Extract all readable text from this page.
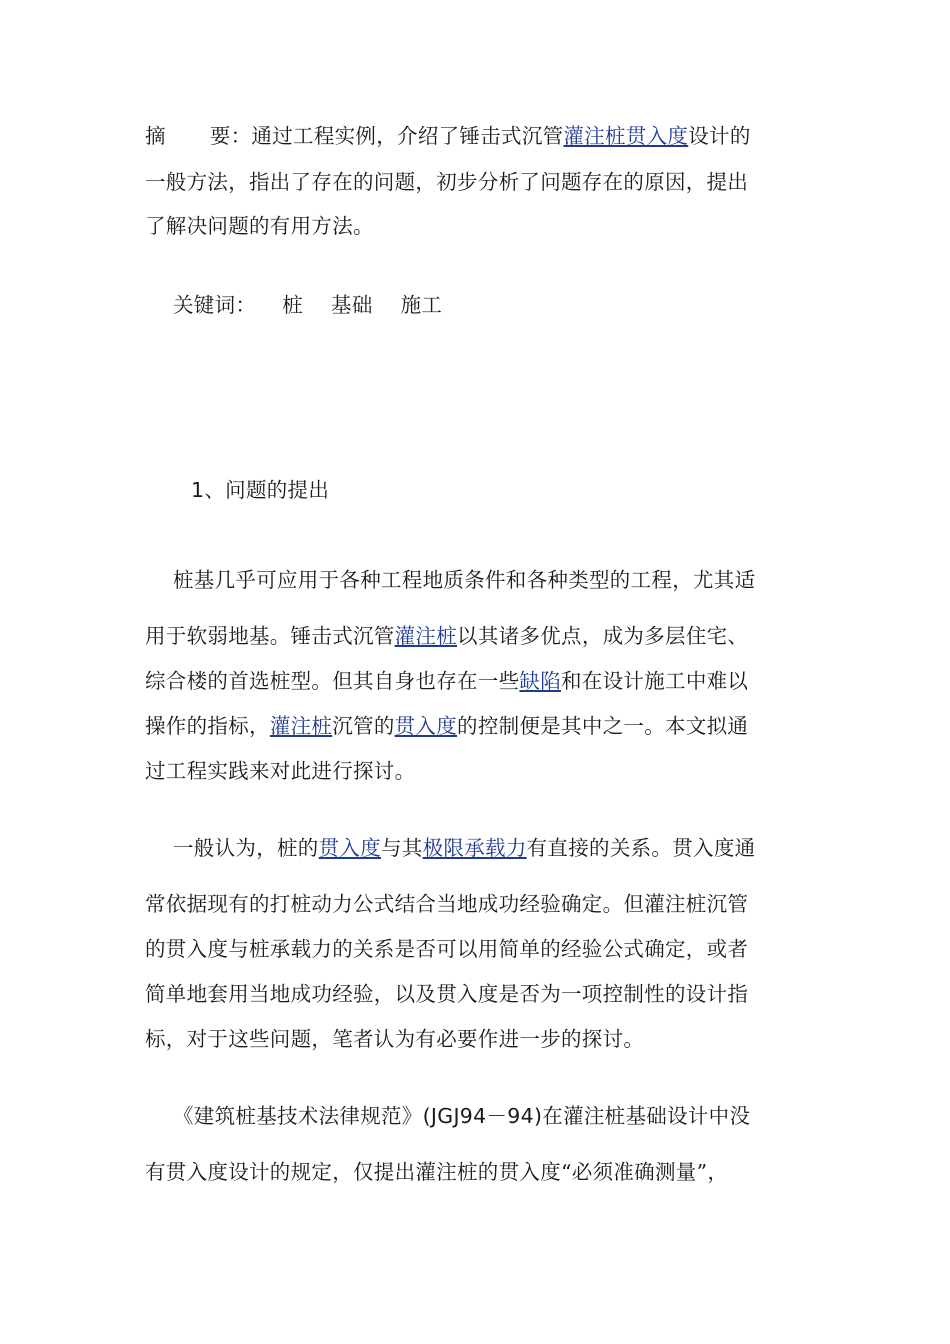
摘 要：通过工程实例，介绍了锤击式沉管灌注桩贯入度设计的
一般方法，指出了存在的问题，初步分析了问题存在的原因，提出
了解决问题的有用方法。
关键词： 桩 基础 施工
1、问题的提出
桩基几乎可应用于各种工程地质条件和各种类型的工程，尤其适
用于软弱地基。锤击式沉管灌注桩以其诸多优点，成为多层住宅、
综合楼的首选桩型。但其自身也存在一些缺陷和在设计施工中难以
操作的指标，灌注桩沉管的贯入度的控制便是其中之一。本文拟通
过工程实践来对此进行探讨。
一般认为，桩的贯入度与其极限承载力有直接的关系。贯入度通
常依据现有的打桩动力公式结合当地成功经验确定。但灌注桩沉管
的贯入度与桩承载力的关系是否可以用简单的经验公式确定，或者
简单地套用当地成功经验，以及贯入度是否为一项控制性的设计指
标，对于这些问题，笔者认为有必要作进一步的探讨。
《建筑桩基技术法律规范》(JGJ94－94)在灌注桩基础设计中没
有贯入度设计的规定，仅提出灌注桩的贯入度“必须准确测量”，
